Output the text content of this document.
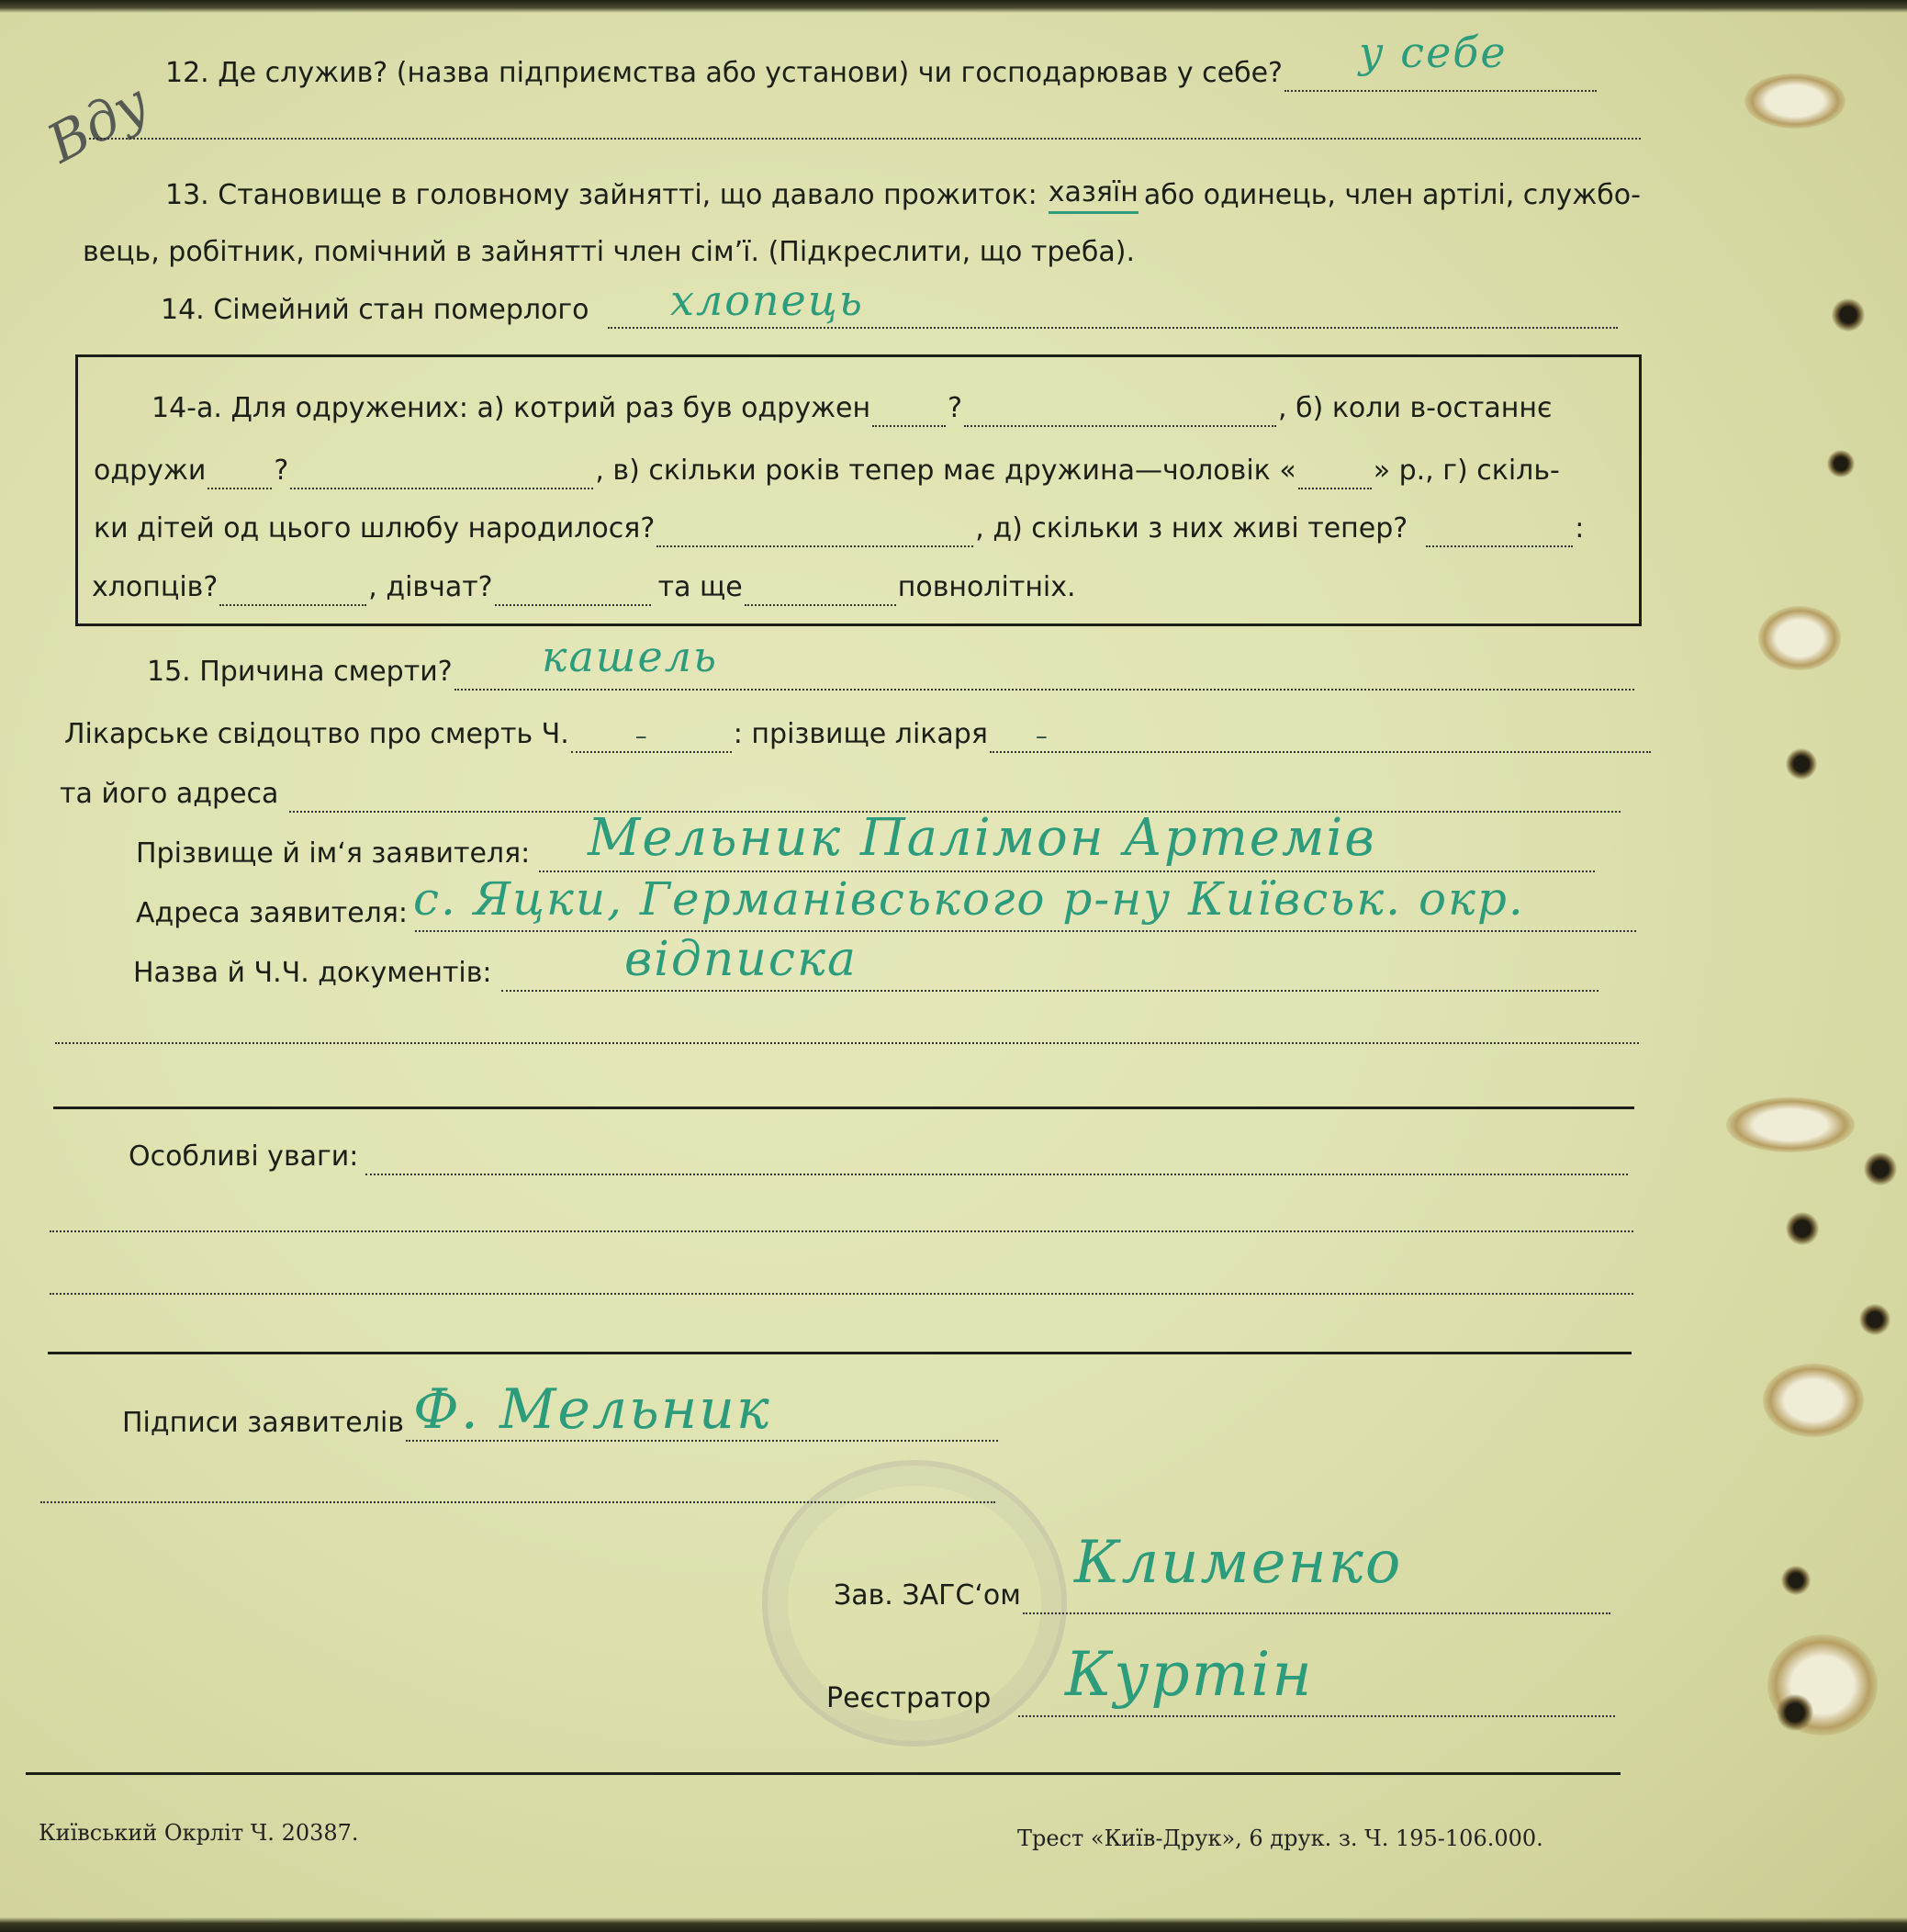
Вду 12. Де служив? (назва підприємства або установи) чи господарював у себе? у себе
13. Становище в головному зайнятті, що давало прожиток: хазяїн або одинець, член артілі, службо-
вець, робітник, помічний в зайнятті член сім’ї. (Підкреслити, що треба).
14. Сімейний стан померлого хлопець
14-а. Для одружених: а) котрий раз був одружен	?	, б) коли в-останнє
одружи ?	, в) скільки років тепер має дружина—чоловік «	» р., г) скіль-
ки дітей од цього шлюбу народилося?	, д) скільки з них живі тепер?	:
хлопців?	, дівчат?	та ще	повнолітніх.
15. Причина смерти? кашель
Лікарське свідоцтво про смерть Ч.	–	: прізвище лікаря –
та його адреса
Прізвище й ім‘я заявителя: Мельник Палімон Артемів
Адреса заявителя: с. Яцки, Германівського р-ну Київськ. окр.
Назва й Ч.Ч. документів:	відписка
Особливі уваги:
Підписи заявителів Ф. Мельник
Зав. ЗАГС‘ом Клименко
Реєстратор Куртін
Київський Окрліт Ч. 20387.	Трест «Київ-Друк», 6 друк. з. Ч. 195-106.000.
